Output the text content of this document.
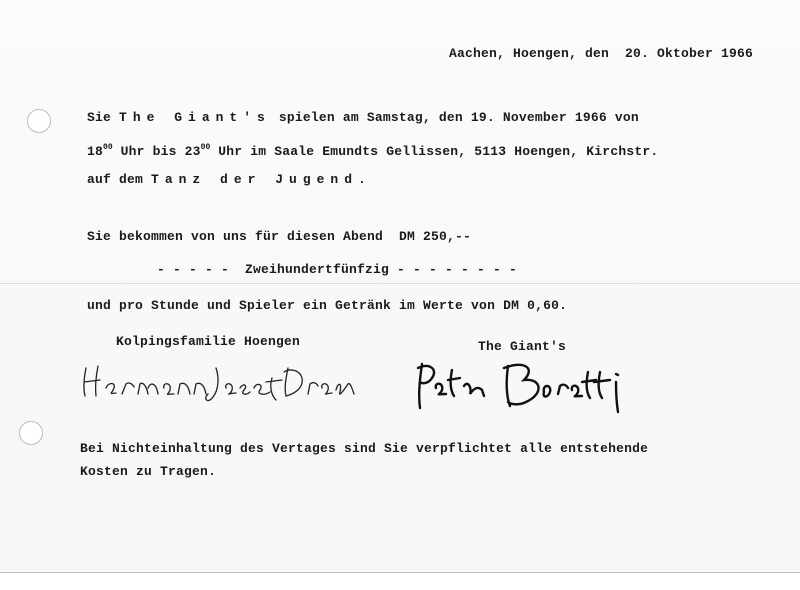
Aachen, Hoengen, den  20. Oktober 1966
Sie The Giant's spielen am Samstag, den 19. November 1966 von
$18^{00}$ Uhr bis $23^{00}$ Uhr im Saale Emundts Gellissen, 5113 Hoengen, Kirchstr.
auf dem Tanz der Jugend.
Sie bekommen von uns für diesen Abend  DM 250,--
- - - - -  Zweihundertfünfzig - - - - - - - -
und pro Stunde und Spieler ein Getränk im Werte von DM 0,60.
Kolpingsfamilie Hoengen	The Giant's
Bei Nichteinhaltung des Vertages sind Sie verpflichtet alle entstehende
Kosten zu Tragen.
